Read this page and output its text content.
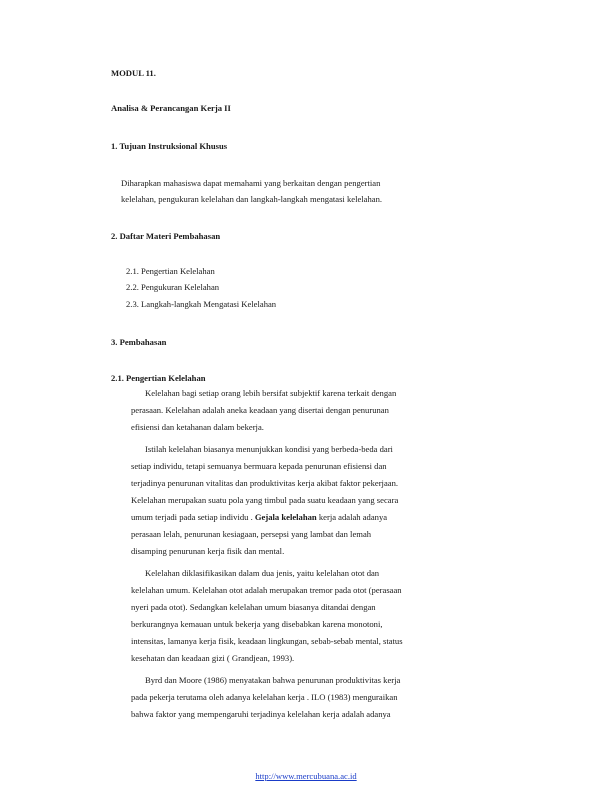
MODUL 11.
Analisa & Perancangan Kerja II
1. Tujuan Instruksional Khusus
Diharapkan mahasiswa dapat memahami yang berkaitan dengan pengertian
kelelahan, pengukuran kelelahan dan langkah-langkah mengatasi kelelahan.
2. Daftar Materi Pembahasan
2.1. Pengertian Kelelahan
2.2. Pengukuran Kelelahan
2.3. Langkah-langkah Mengatasi Kelelahan
3. Pembahasan
2.1. Pengertian Kelelahan
Kelelahan bagi setiap orang lebih bersifat subjektif karena terkait dengan
perasaan. Kelelahan adalah aneka keadaan yang disertai dengan penurunan
efisiensi dan ketahanan dalam bekerja.
Istilah kelelahan biasanya menunjukkan kondisi yang berbeda-beda dari
setiap individu, tetapi semuanya bermuara kepada penurunan efisiensi dan
terjadinya penurunan vitalitas dan produktivitas kerja akibat faktor pekerjaan.
Kelelahan merupakan suatu pola yang timbul pada suatu keadaan yang secara
umum terjadi pada setiap individu . Gejala kelelahan kerja adalah adanya
perasaan lelah, penurunan kesiagaan, persepsi yang lambat dan lemah
disamping penurunan kerja fisik dan mental.
Kelelahan diklasifikasikan dalam dua jenis, yaitu kelelahan otot dan
kelelahan umum. Kelelahan otot adalah merupakan tremor pada otot (perasaan
nyeri pada otot). Sedangkan kelelahan umum biasanya ditandai dengan
berkurangnya kemauan untuk bekerja yang disebabkan karena monotoni,
intensitas, lamanya kerja fisik, keadaan lingkungan, sebab-sebab mental, status
kesehatan dan keadaan gizi ( Grandjean, 1993).
Byrd dan Moore (1986) menyatakan bahwa penurunan produktivitas kerja
pada pekerja terutama oleh adanya kelelahan kerja . ILO (1983) menguraikan
bahwa faktor yang mempengaruhi terjadinya kelelahan kerja adalah adanya
http://www.mercubuana.ac.id
